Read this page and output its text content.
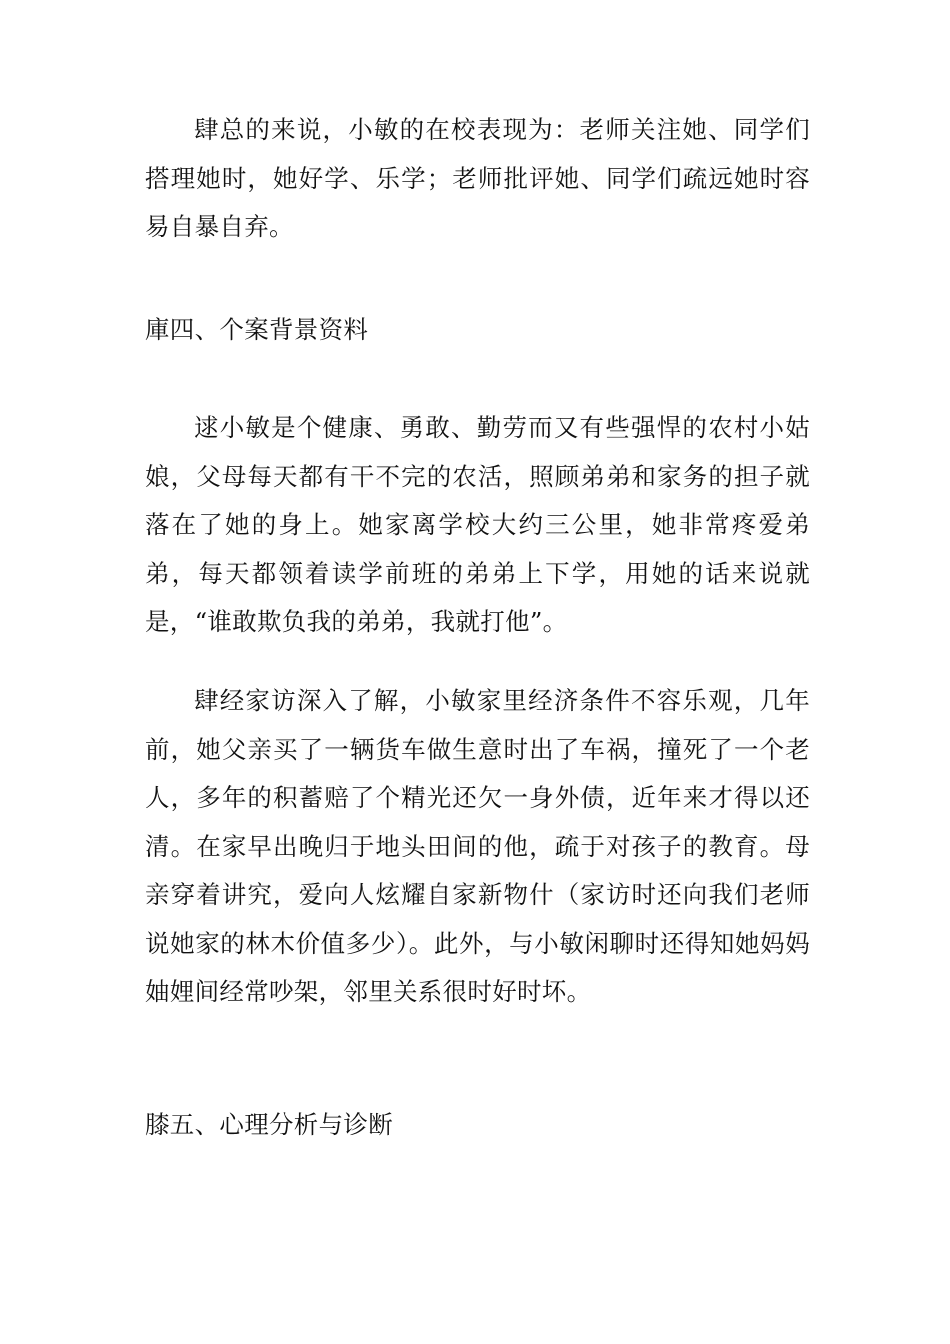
肆总的来说，小敏的在校表现为：老师关注她、同学们搭理她时，她好学、乐学；老师批评她、同学们疏远她时容易自暴自弃。

庫四、个案背景资料

逑小敏是个健康、勇敢、勤劳而又有些强悍的农村小姑娘，父母每天都有干不完的农活，照顾弟弟和家务的担子就落在了她的身上。她家离学校大约三公里，她非常疼爱弟弟，每天都领着读学前班的弟弟上下学，用她的话来说就是，“谁敢欺负我的弟弟，我就打他”。

肆经家访深入了解，小敏家里经济条件不容乐观，几年前，她父亲买了一辆货车做生意时出了车祸，撞死了一个老人，多年的积蓄赔了个精光还欠一身外债，近年来才得以还清。在家早出晚归于地头田间的他，疏于对孩子的教育。母亲穿着讲究，爱向人炫耀自家新物什（家访时还向我们老师说她家的林木价值多少）。此外，与小敏闲聊时还得知她妈妈妯娌间经常吵架，邻里关系很时好时坏。

膝五、心理分析与诊断
